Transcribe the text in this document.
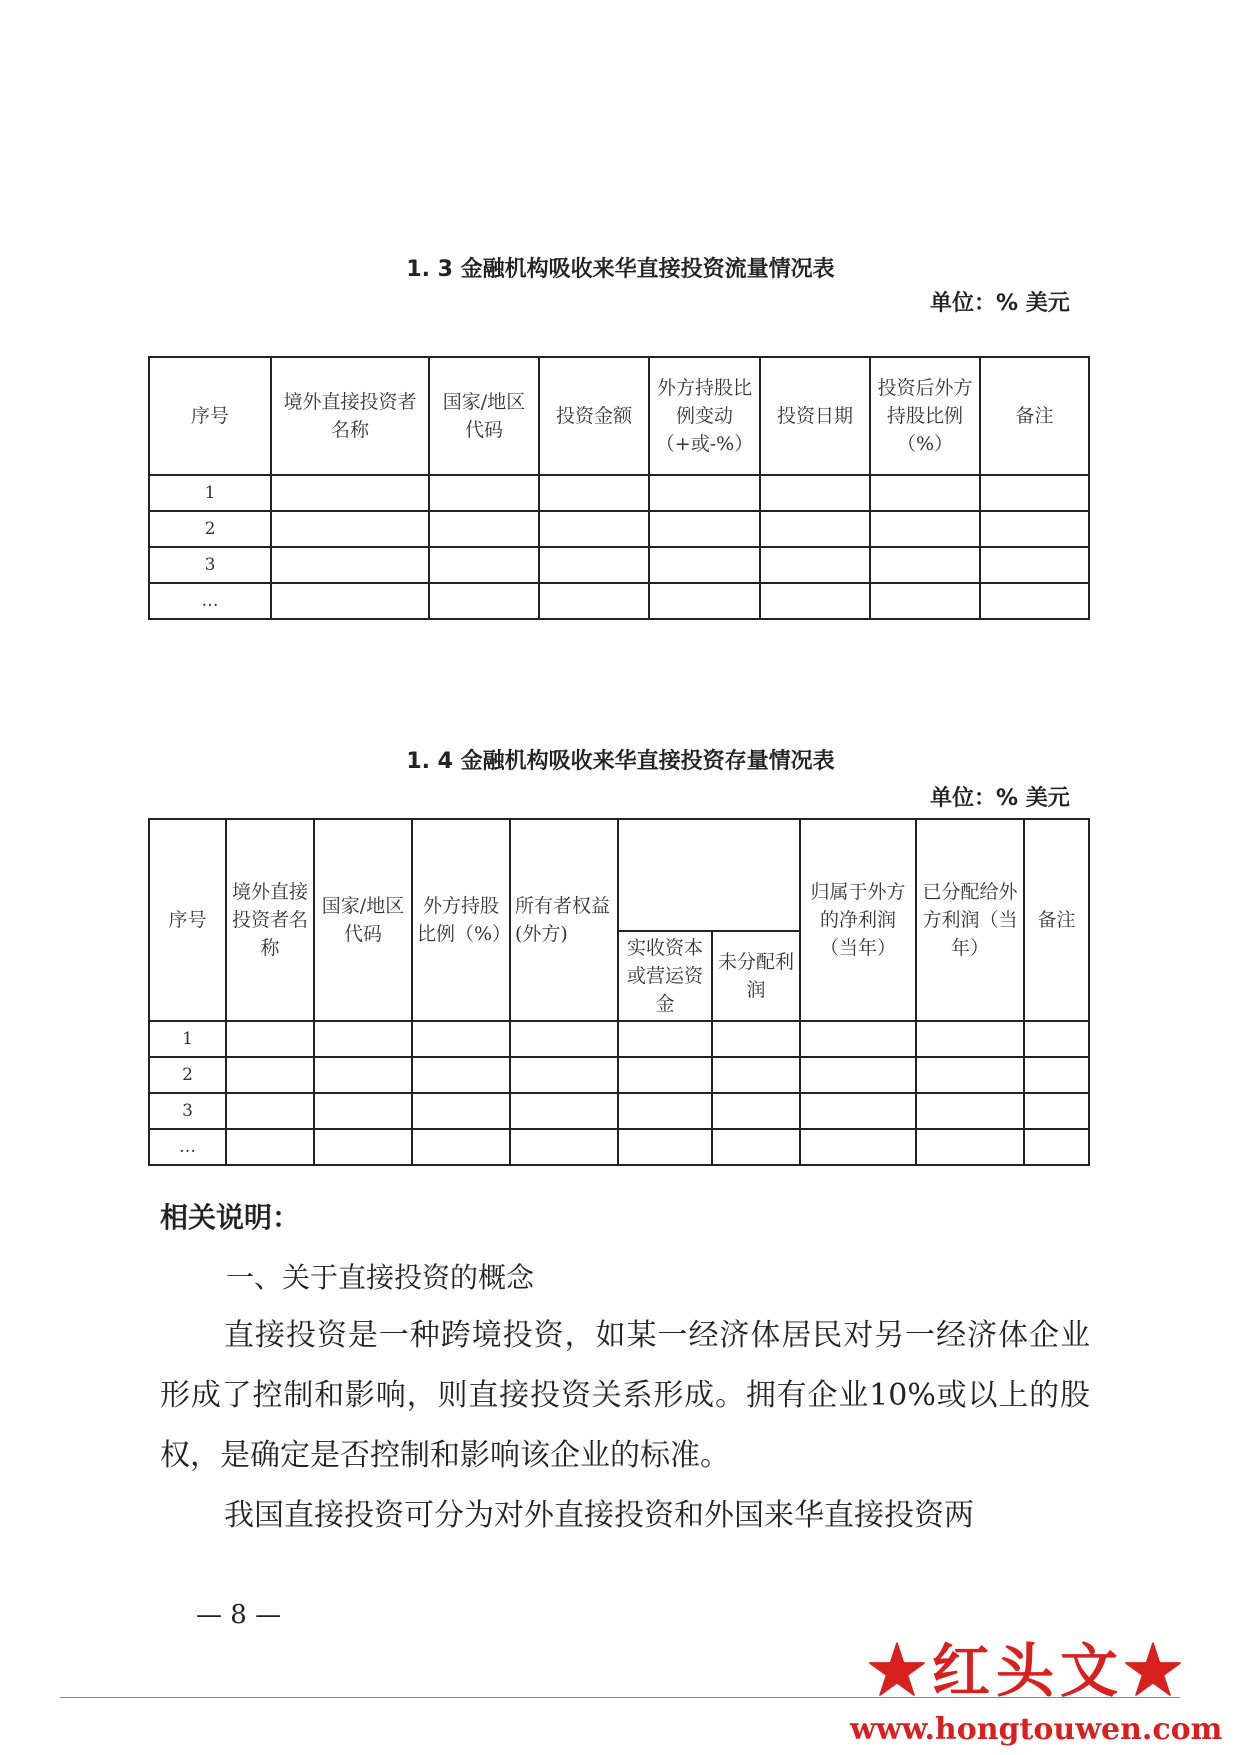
1. 3 金融机构吸收来华直接投资流量情况表
单位：% 美元
序号	境外直接投资者名称	国家/地区代码	投资金额	外方持股比例变动（+或-%）	投资日期	投资后外方持股比例（%）	备注
1							
2							
3							
…							
1. 4 金融机构吸收来华直接投资存量情况表
单位：% 美元
序号	境外直接投资者名称	国家/地区代码	外方持股比例（%）	所有者权益(外方)			归属于外方的净利润（当年）	已分配给外方利润（当年）	备注
					实收资本或营运资金	未分配利润			
1									
2									
3									
…									
相关说明：
一、关于直接投资的概念

直接投资是一种跨境投资，如某一经济体居民对另一经济体企业形成了控制和影响，则直接投资关系形成。拥有企业10%或以上的股权，是确定是否控制和影响该企业的标准。

我国直接投资可分为对外直接投资和外国来华直接投资两

— 8 —
★红头文★
www.hongtouwen.com
